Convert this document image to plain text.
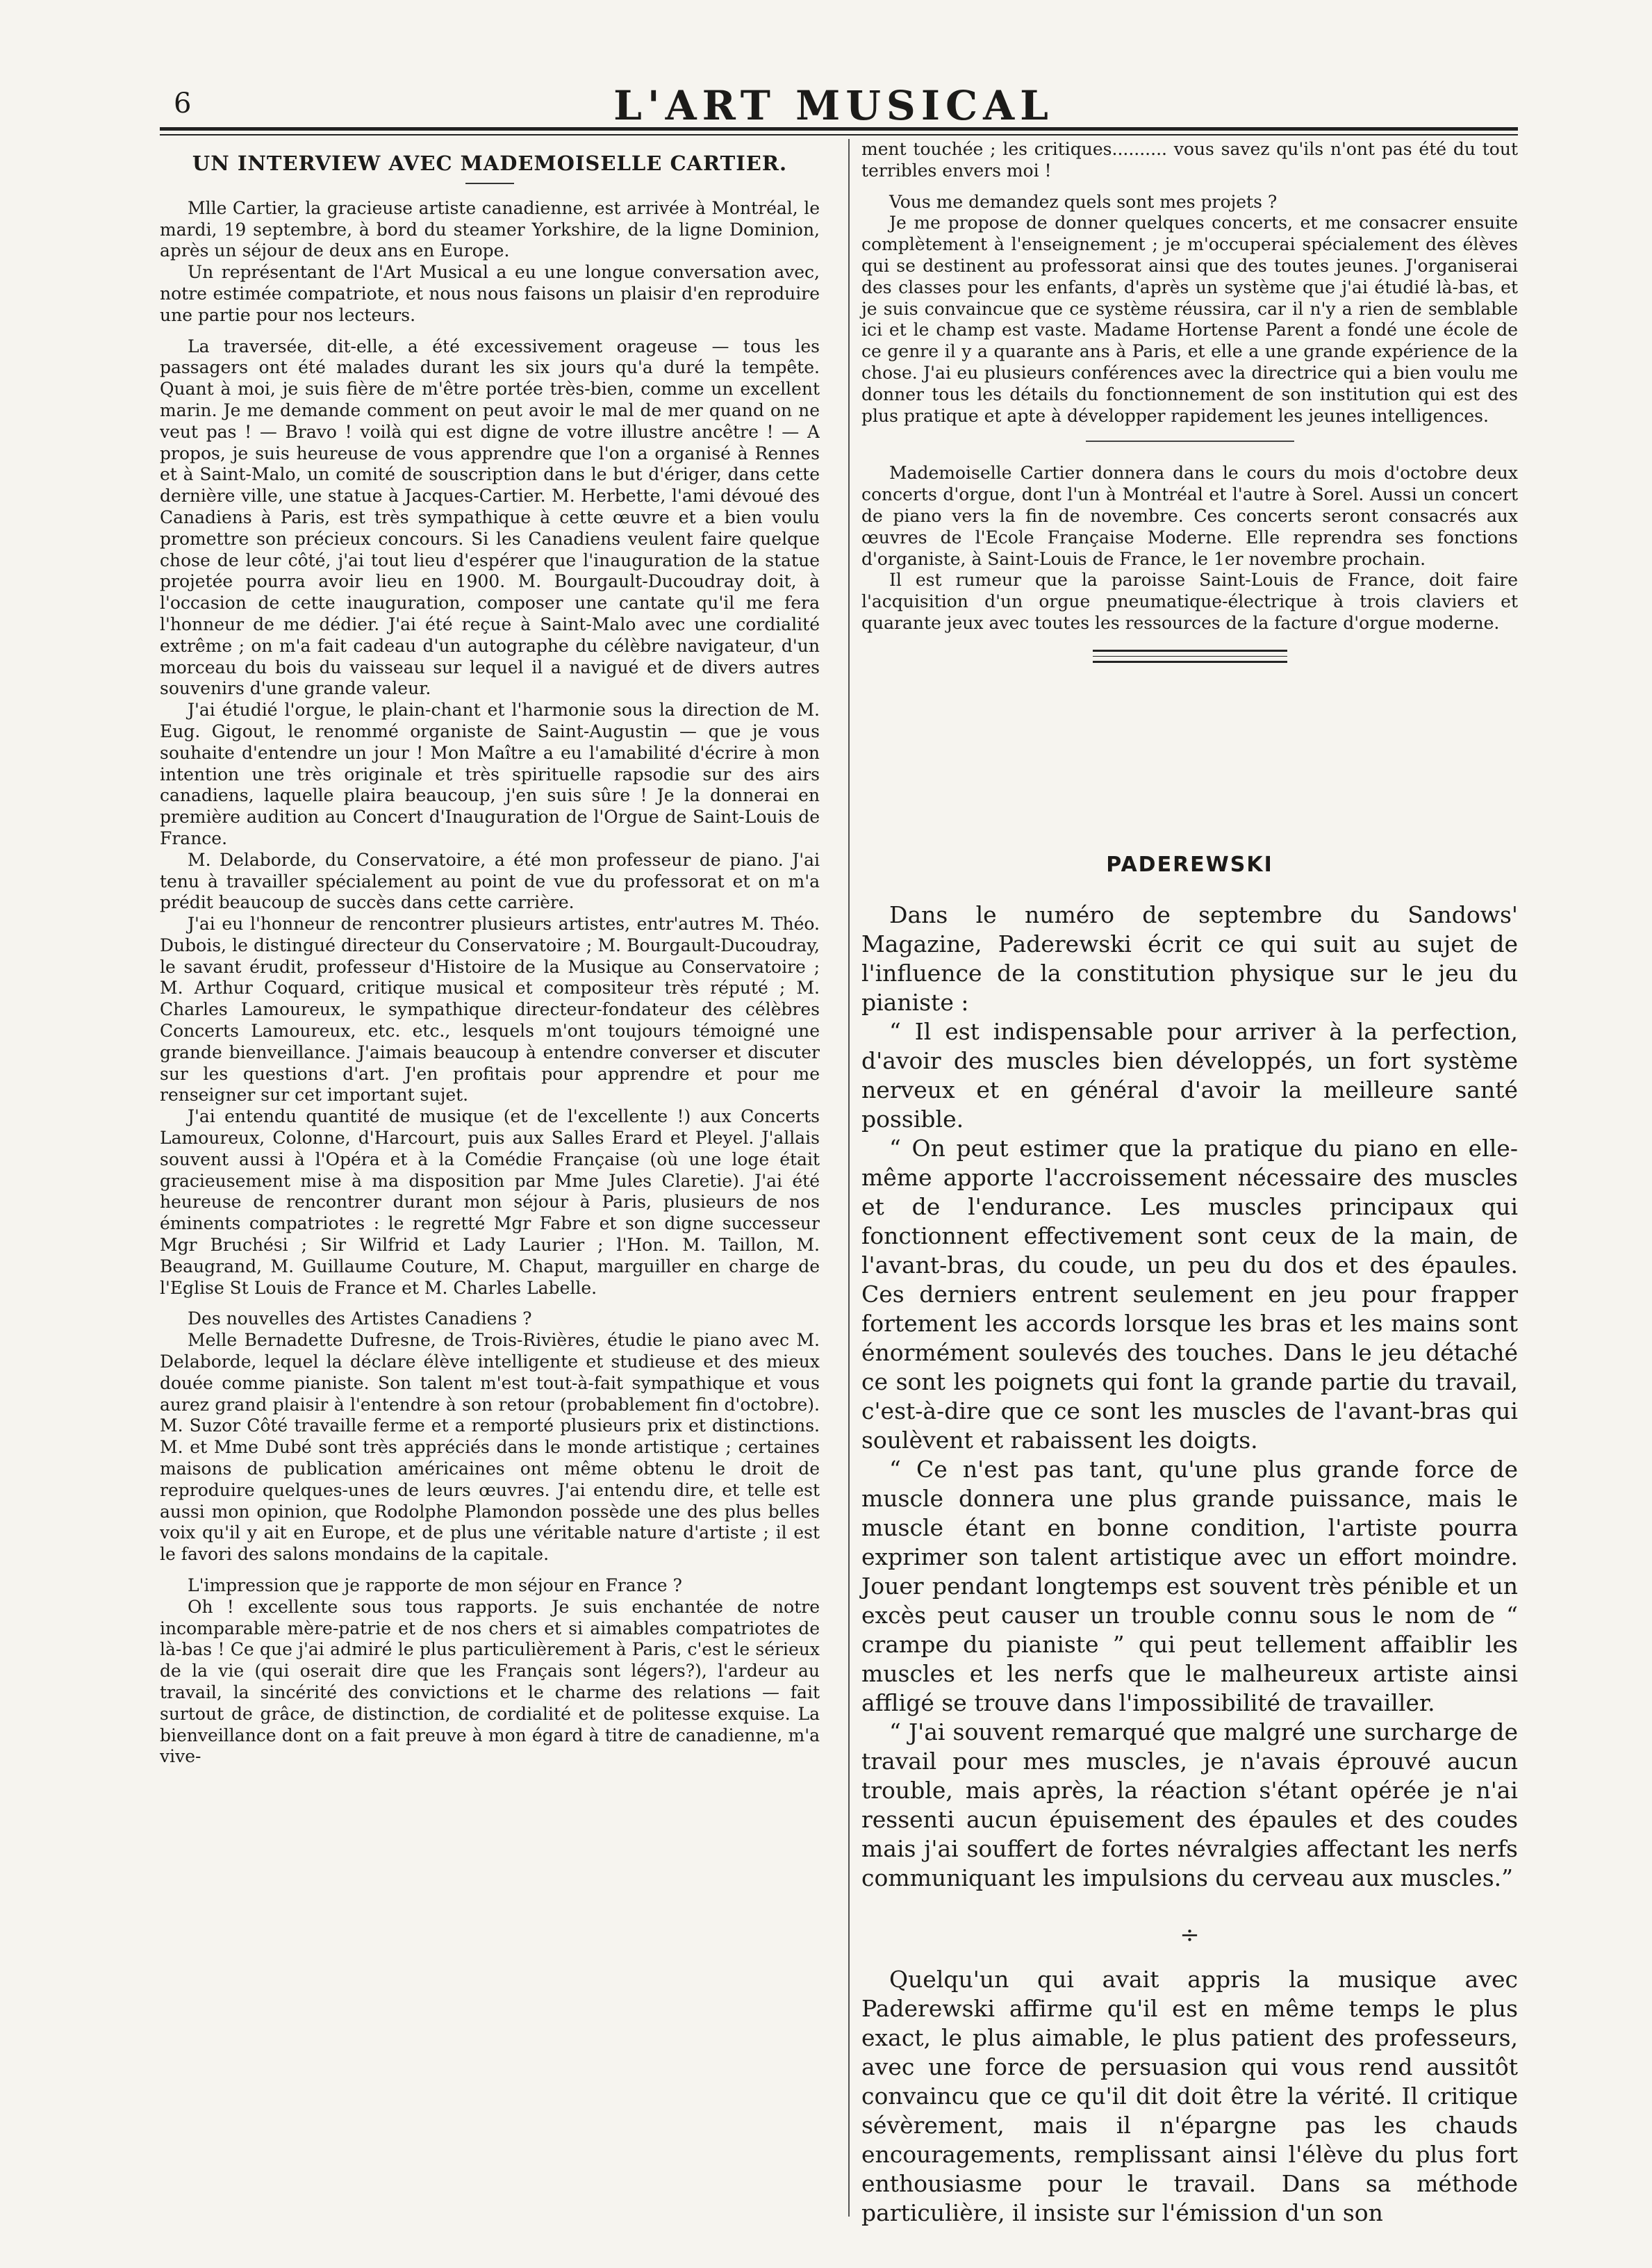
6	L'ART MUSICAL
UN INTERVIEW AVEC MADEMOISELLE CARTIER.

Mlle Cartier, la gracieuse artiste canadienne, est arrivée à Montréal, le mardi, 19 septembre, à bord du steamer Yorkshire, de la ligne Dominion, après un séjour de deux ans en Europe.

Un représentant de l'Art Musical a eu une longue conversation avec, notre estimée compatriote, et nous nous faisons un plaisir d'en reproduire une partie pour nos lecteurs.

La traversée, dit-elle, a été excessivement orageuse — tous les passagers ont été malades durant les six jours qu'a duré la tempête. Quant à moi, je suis fière de m'être portée très-bien, comme un excellent marin. Je me demande comment on peut avoir le mal de mer quand on ne veut pas ! — Bravo ! voilà qui est digne de votre illustre ancêtre ! — A propos, je suis heureuse de vous apprendre que l'on a organisé à Rennes et à Saint-Malo, un comité de souscription dans le but d'ériger, dans cette dernière ville, une statue à Jacques-Cartier. M. Herbette, l'ami dévoué des Canadiens à Paris, est très sympathique à cette œuvre et a bien voulu promettre son précieux concours. Si les Canadiens veulent faire quelque chose de leur côté, j'ai tout lieu d'espérer que l'inauguration de la statue projetée pourra avoir lieu en 1900. M. Bourgault-Ducoudray doit, à l'occasion de cette inauguration, composer une cantate qu'il me fera l'honneur de me dédier. J'ai été reçue à Saint-Malo avec une cordialité extrême ; on m'a fait cadeau d'un autographe du célèbre navigateur, d'un morceau du bois du vaisseau sur lequel il a navigué et de divers autres souvenirs d'une grande valeur.

J'ai étudié l'orgue, le plain-chant et l'harmonie sous la direction de M. Eug. Gigout, le renommé organiste de Saint-Augustin — que je vous souhaite d'entendre un jour ! Mon Maître a eu l'amabilité d'écrire à mon intention une très originale et très spirituelle rapsodie sur des airs canadiens, laquelle plaira beaucoup, j'en suis sûre ! Je la donnerai en première audition au Concert d'Inauguration de l'Orgue de Saint-Louis de France.

M. Delaborde, du Conservatoire, a été mon professeur de piano. J'ai tenu à travailler spécialement au point de vue du professorat et on m'a prédit beaucoup de succès dans cette carrière.

J'ai eu l'honneur de rencontrer plusieurs artistes, entr'autres M. Théo. Dubois, le distingué directeur du Conservatoire ; M. Bourgault-Ducoudray, le savant érudit, professeur d'Histoire de la Musique au Conservatoire ; M. Arthur Coquard, critique musical et compositeur très réputé ; M. Charles Lamoureux, le sympathique directeur-fondateur des célèbres Concerts Lamoureux, etc. etc., lesquels m'ont toujours témoigné une grande bienveillance. J'aimais beaucoup à entendre converser et discuter sur les questions d'art. J'en profitais pour apprendre et pour me renseigner sur cet important sujet.

J'ai entendu quantité de musique (et de l'excellente !) aux Concerts Lamoureux, Colonne, d'Harcourt, puis aux Salles Erard et Pleyel. J'allais souvent aussi à l'Opéra et à la Comédie Française (où une loge était gracieusement mise à ma disposition par Mme Jules Claretie). J'ai été heureuse de rencontrer durant mon séjour à Paris, plusieurs de nos éminents compatriotes : le regretté Mgr Fabre et son digne successeur Mgr Bruchési ; Sir Wilfrid et Lady Laurier ; l'Hon. M. Taillon, M. Beaugrand, M. Guillaume Couture, M. Chaput, marguiller en charge de l'Eglise St Louis de France et M. Charles Labelle.

Des nouvelles des Artistes Canadiens ?

Melle Bernadette Dufresne, de Trois-Rivières, étudie le piano avec M. Delaborde, lequel la déclare élève intelligente et studieuse et des mieux douée comme pianiste. Son talent m'est tout-à-fait sympathique et vous aurez grand plaisir à l'entendre à son retour (probablement fin d'octobre). M. Suzor Côté travaille ferme et a remporté plusieurs prix et distinctions. M. et Mme Dubé sont très appréciés dans le monde artistique ; certaines maisons de publication américaines ont même obtenu le droit de reproduire quelques-unes de leurs œuvres. J'ai entendu dire, et telle est aussi mon opinion, que Rodolphe Plamondon possède une des plus belles voix qu'il y ait en Europe, et de plus une véritable nature d'artiste ; il est le favori des salons mondains de la capitale.

L'impression que je rapporte de mon séjour en France ?

Oh ! excellente sous tous rapports. Je suis enchantée de notre incomparable mère-patrie et de nos chers et si aimables compatriotes de là-bas ! Ce que j'ai admiré le plus particulièrement à Paris, c'est le sérieux de la vie (qui oserait dire que les Français sont légers?), l'ardeur au travail, la sincérité des convictions et le charme des relations — fait surtout de grâce, de distinction, de cordialité et de politesse exquise. La bienveillance dont on a fait preuve à mon égard à titre de canadienne, m'a vive-

ment touchée ; les critiques.......... vous savez qu'ils n'ont pas été du tout terribles envers moi !

Vous me demandez quels sont mes projets ?

Je me propose de donner quelques concerts, et me consacrer ensuite complètement à l'enseignement ; je m'occuperai spécialement des élèves qui se destinent au professorat ainsi que des toutes jeunes. J'organiserai des classes pour les enfants, d'après un système que j'ai étudié là-bas, et je suis convaincue que ce système réussira, car il n'y a rien de semblable ici et le champ est vaste. Madame Hortense Parent a fondé une école de ce genre il y a quarante ans à Paris, et elle a une grande expérience de la chose. J'ai eu plusieurs conférences avec la directrice qui a bien voulu me donner tous les détails du fonctionnement de son institution qui est des plus pratique et apte à développer rapidement les jeunes intelligences.

Mademoiselle Cartier donnera dans le cours du mois d'octobre deux concerts d'orgue, dont l'un à Montréal et l'autre à Sorel. Aussi un concert de piano vers la fin de novembre. Ces concerts seront consacrés aux œuvres de l'Ecole Française Moderne. Elle reprendra ses fonctions d'organiste, à Saint-Louis de France, le 1er novembre prochain.

Il est rumeur que la paroisse Saint-Louis de France, doit faire l'acquisition d'un orgue pneumatique-électrique à trois claviers et quarante jeux avec toutes les ressources de la facture d'orgue moderne.

PADEREWSKI

Dans le numéro de septembre du Sandows' Magazine, Paderewski écrit ce qui suit au sujet de l'influence de la constitution physique sur le jeu du pianiste :

“ Il est indispensable pour arriver à la perfection, d'avoir des muscles bien développés, un fort système nerveux et en général d'avoir la meilleure santé possible.

“ On peut estimer que la pratique du piano en elle-même apporte l'accroissement nécessaire des muscles et de l'endurance. Les muscles principaux qui fonctionnent effectivement sont ceux de la main, de l'avant-bras, du coude, un peu du dos et des épaules. Ces derniers entrent seulement en jeu pour frapper fortement les accords lorsque les bras et les mains sont énormément soulevés des touches. Dans le jeu détaché ce sont les poignets qui font la grande partie du travail, c'est-à-dire que ce sont les muscles de l'avant-bras qui soulèvent et rabaissent les doigts.

“ Ce n'est pas tant, qu'une plus grande force de muscle donnera une plus grande puissance, mais le muscle étant en bonne condition, l'artiste pourra exprimer son talent artistique avec un effort moindre. Jouer pendant longtemps est souvent très pénible et un excès peut causer un trouble connu sous le nom de “ crampe du pianiste ” qui peut tellement affaiblir les muscles et les nerfs que le malheureux artiste ainsi affligé se trouve dans l'impossibilité de travailler.

“ J'ai souvent remarqué que malgré une surcharge de travail pour mes muscles, je n'avais éprouvé aucun trouble, mais après, la réaction s'étant opérée je n'ai ressenti aucun épuisement des épaules et des coudes mais j'ai souffert de fortes névralgies affectant les nerfs communiquant les impulsions du cerveau aux muscles.”

÷

Quelqu'un qui avait appris la musique avec Paderewski affirme qu'il est en même temps le plus exact, le plus aimable, le plus patient des professeurs, avec une force de persuasion qui vous rend aussitôt convaincu que ce qu'il dit doit être la vérité. Il critique sévèrement, mais il n'épargne pas les chauds encouragements, remplissant ainsi l'élève du plus fort enthousiasme pour le travail. Dans sa méthode particulière, il insiste sur l'émission d'un son
